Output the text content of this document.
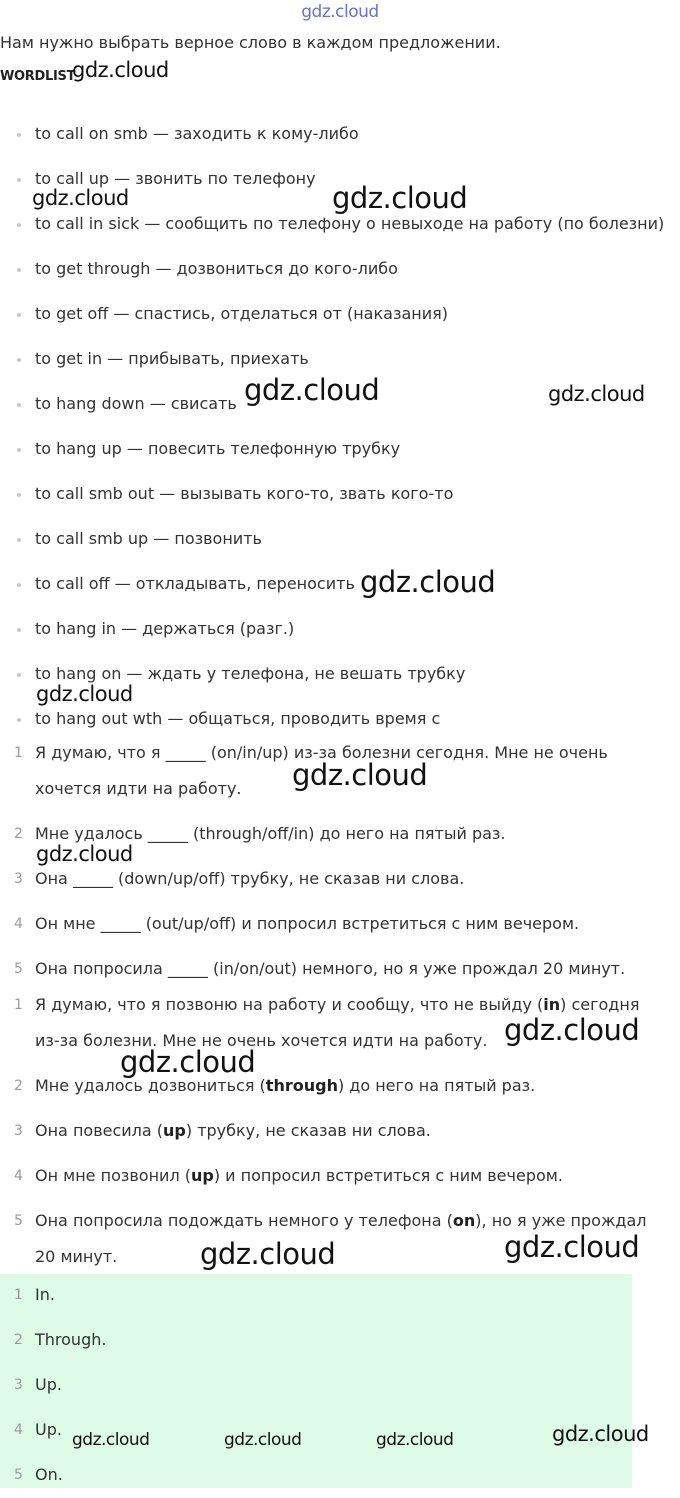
gdz.cloud
Нам нужно выбрать верное слово в каждом предложении.
WORDLIST
to call on smb — заходить к кому-либо
to call up — звонить по телефону
to call in sick — сообщить по телефону о невыходе на работу (по болезни)
to get through — дозвониться до кого-либо
to get off — спастись, отделаться от (наказания)
to get in — прибывать, приехать
to hang down — свисать
to hang up — повесить телефонную трубку
to call smb out — вызывать кого-то, звать кого-то
to call smb up — позвонить
to call off — откладывать, переносить
to hang in — держаться (разг.)
to hang on — ждать у телефона, не вешать трубку
to hang out wth — общаться, проводить время с
1 Я думаю, что я _____ (on/in/up) из-за болезни сегодня. Мне не очень хочется идти на работу.
2 Мне удалось _____ (through/off/in) до него на пятый раз.
3 Она _____ (down/up/off) трубку, не сказав ни слова.
4 Он мне _____ (out/up/off) и попросил встретиться с ним вечером.
5 Она попросила _____ (in/on/out) немного, но я уже прождал 20 минут.
1 Я думаю, что я позвоню на работу и сообщу, что не выйду (in) сегодня из-за болезни. Мне не очень хочется идти на работу.
2 Мне удалось дозвониться (through) до него на пятый раз.
3 Она повесила (up) трубку, не сказав ни слова.
4 Он мне позвонил (up) и попросил встретиться с ним вечером.
5 Она попросила подождать немного у телефона (on), но я уже прождал 20 минут.
1 In.
2 Through.
3 Up.
4 Up.
5 On.
gdz.cloud
gdz.cloud	gdz.cloud
gdz.cloud	gdz.cloud
gdz.cloud
gdz.cloud
gdz.cloud
gdz.cloud
gdz.cloud
gdz.cloud
gdz.cloud
gdz.cloud
gdz.cloud
gdz.cloud	gdz.cloud	gdz.cloud
